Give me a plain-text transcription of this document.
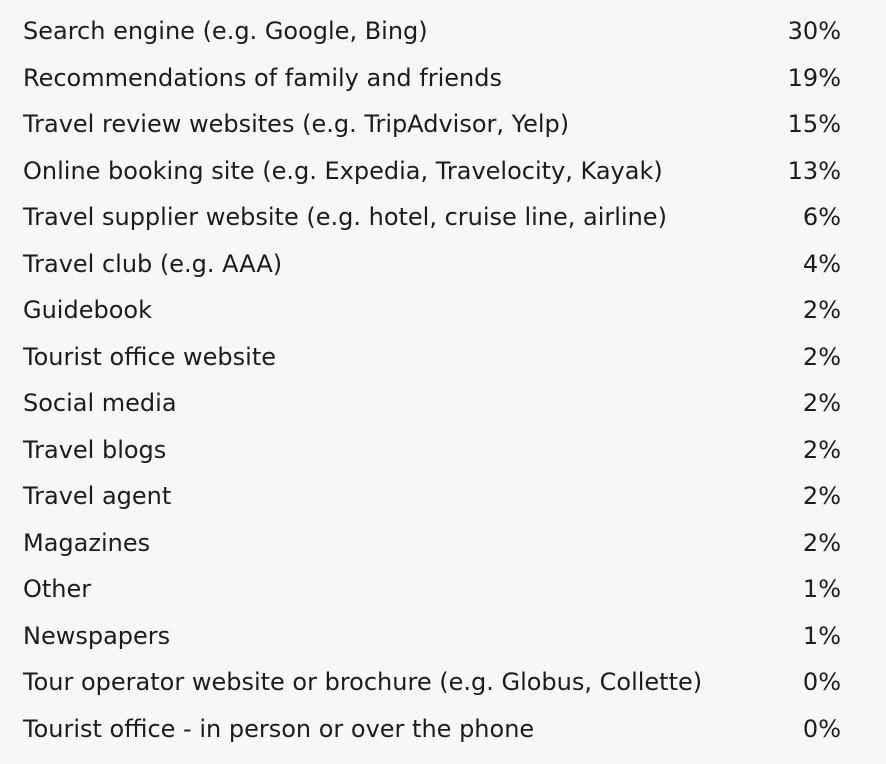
Search engine (e.g. Google, Bing)	30%
Recommendations of family and friends	19%
Travel review websites (e.g. TripAdvisor, Yelp)	15%
Online booking site (e.g. Expedia, Travelocity, Kayak)	13%
Travel supplier website (e.g. hotel, cruise line, airline)	6%
Travel club (e.g. AAA)	4%
Guidebook	2%
Tourist office website	2%
Social media	2%
Travel blogs	2%
Travel agent	2%
Magazines	2%
Other	1%
Newspapers	1%
Tour operator website or brochure (e.g. Globus, Collette)	0%
Tourist office - in person or over the phone	0%
